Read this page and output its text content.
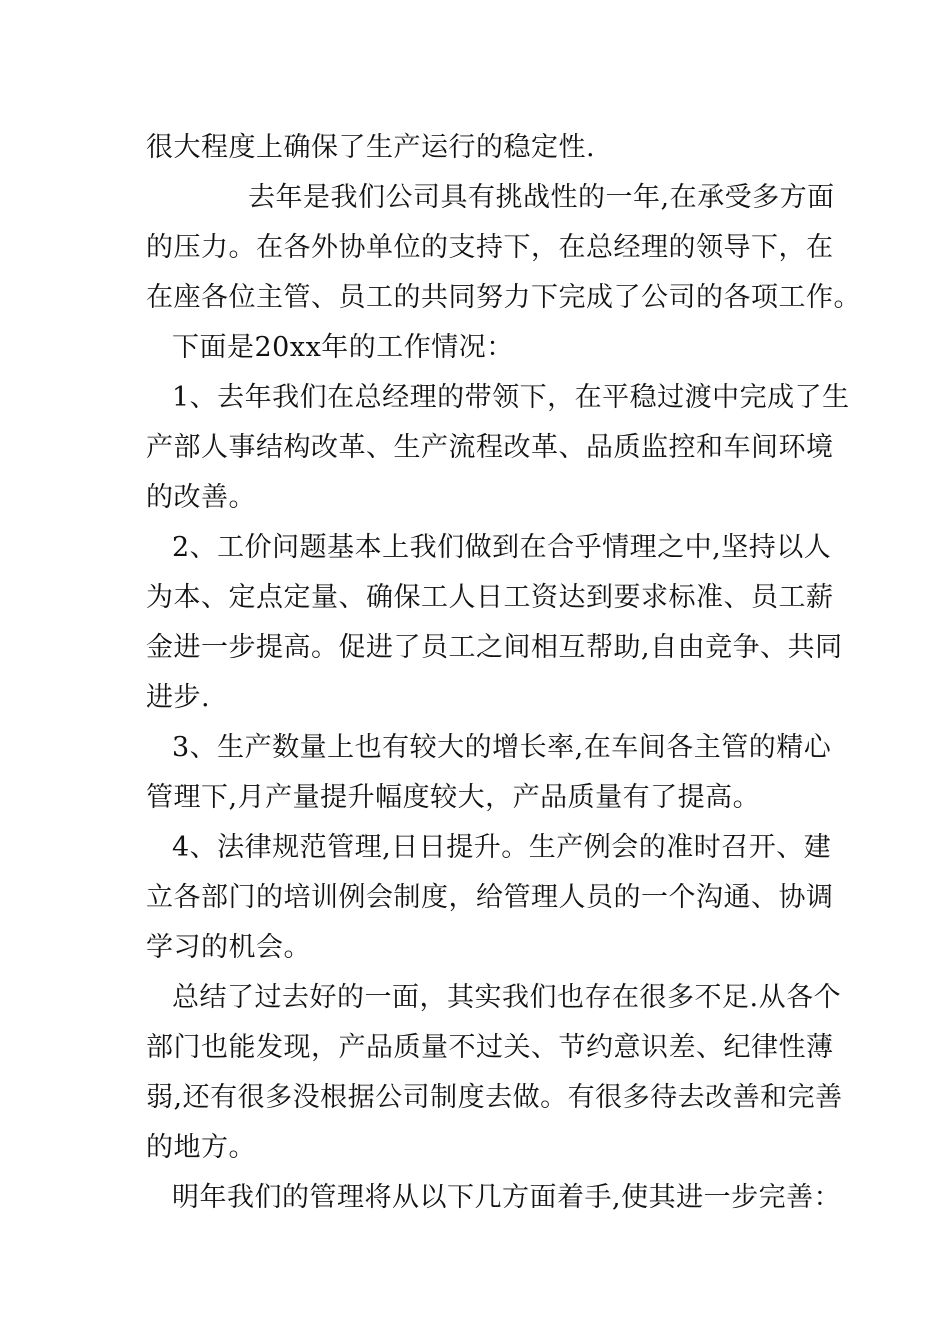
很大程度上确保了生产运行的稳定性.
去年是我们公司具有挑战性的一年,在承受多方面
的压力。在各外协单位的支持下，在总经理的领导下，在
在座各位主管、员工的共同努力下完成了公司的各项工作。
下面是20xx年的工作情况：
1、去年我们在总经理的带领下，在平稳过渡中完成了生
产部人事结构改革、生产流程改革、品质监控和车间环境
的改善。
2、工价问题基本上我们做到在合乎情理之中,坚持以人
为本、定点定量、确保工人日工资达到要求标准、员工薪
金进一步提高。促进了员工之间相互帮助,自由竞争、共同
进步.
3、生产数量上也有较大的增长率,在车间各主管的精心
管理下,月产量提升幅度较大，产品质量有了提高。
4、法律规范管理,日日提升。生产例会的准时召开、建
立各部门的培训例会制度，给管理人员的一个沟通、协调
学习的机会。
总结了过去好的一面，其实我们也存在很多不足.从各个
部门也能发现，产品质量不过关、节约意识差、纪律性薄
弱,还有很多没根据公司制度去做。有很多待去改善和完善
的地方。
明年我们的管理将从以下几方面着手,使其进一步完善：
